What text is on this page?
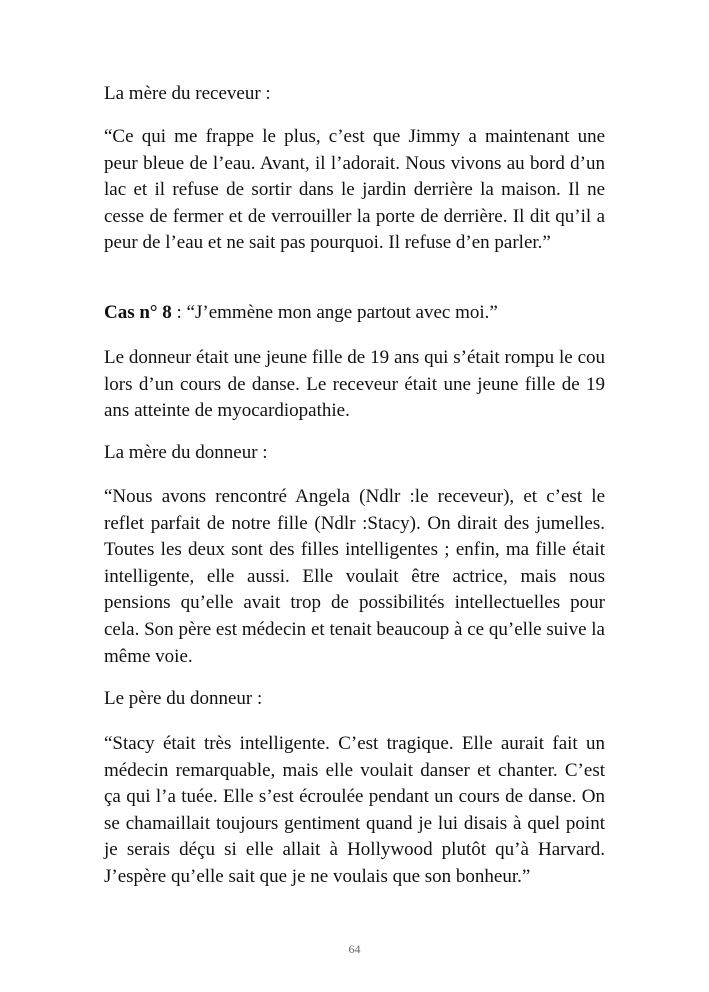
La mère du receveur :

“Ce qui me frappe le plus, c’est que Jimmy a maintenant une peur bleue de l’eau. Avant, il l’adorait. Nous vivons au bord d’un lac et il refuse de sortir dans le jardin derrière la maison. Il ne cesse de fermer et de verrouiller la porte de derrière. Il dit qu’il a peur de l’eau et ne sait pas pourquoi. Il refuse d’en parler.”

Cas n° 8 : “J’emmène mon ange partout avec moi.”

Le donneur était une jeune fille de 19 ans qui s’était rompu le cou lors d’un cours de danse. Le receveur était une jeune fille de 19 ans atteinte de myocardiopathie.

La mère du donneur :

“Nous avons rencontré Angela (Ndlr :le receveur), et c’est le reflet parfait de notre fille (Ndlr :Stacy). On dirait des jumelles. Toutes les deux sont des filles intelligentes ; enfin, ma fille était intelligente, elle aussi. Elle voulait être actrice, mais nous pensions qu’elle avait trop de possibilités intellectuelles pour cela. Son père est médecin et tenait beaucoup à ce qu’elle suive la même voie.

Le père du donneur :

“Stacy était très intelligente. C’est tragique. Elle aurait fait un médecin remarquable, mais elle voulait danser et chanter. C’est ça qui l’a tuée. Elle s’est écroulée pendant un cours de danse. On se chamaillait toujours gentiment quand je lui disais à quel point je serais déçu si elle allait à Hollywood plutôt qu’à Harvard. J’espère qu’elle sait que je ne voulais que son bonheur.”

64
